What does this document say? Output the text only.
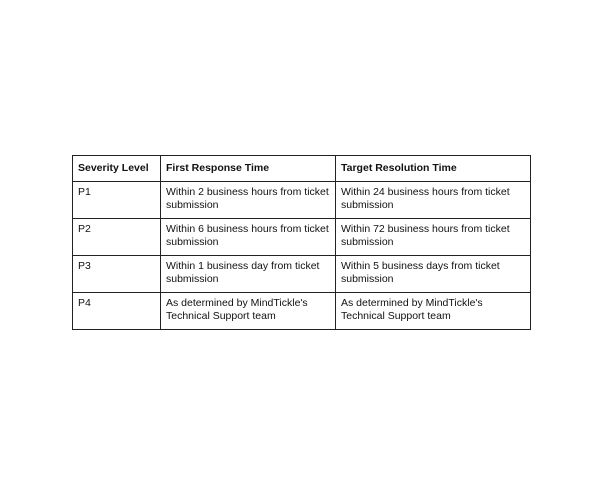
Severity Level	First Response Time	Target Resolution Time
P1	Within 2 business hours from ticket submission	Within 24 business hours from ticket submission
P2	Within 6 business hours from ticket submission	Within 72 business hours from ticket submission
P3	Within 1 business day from ticket submission	Within 5 business days from ticket submission
P4	As determined by MindTickle's Technical Support team	As determined by MindTickle's Technical Support team
